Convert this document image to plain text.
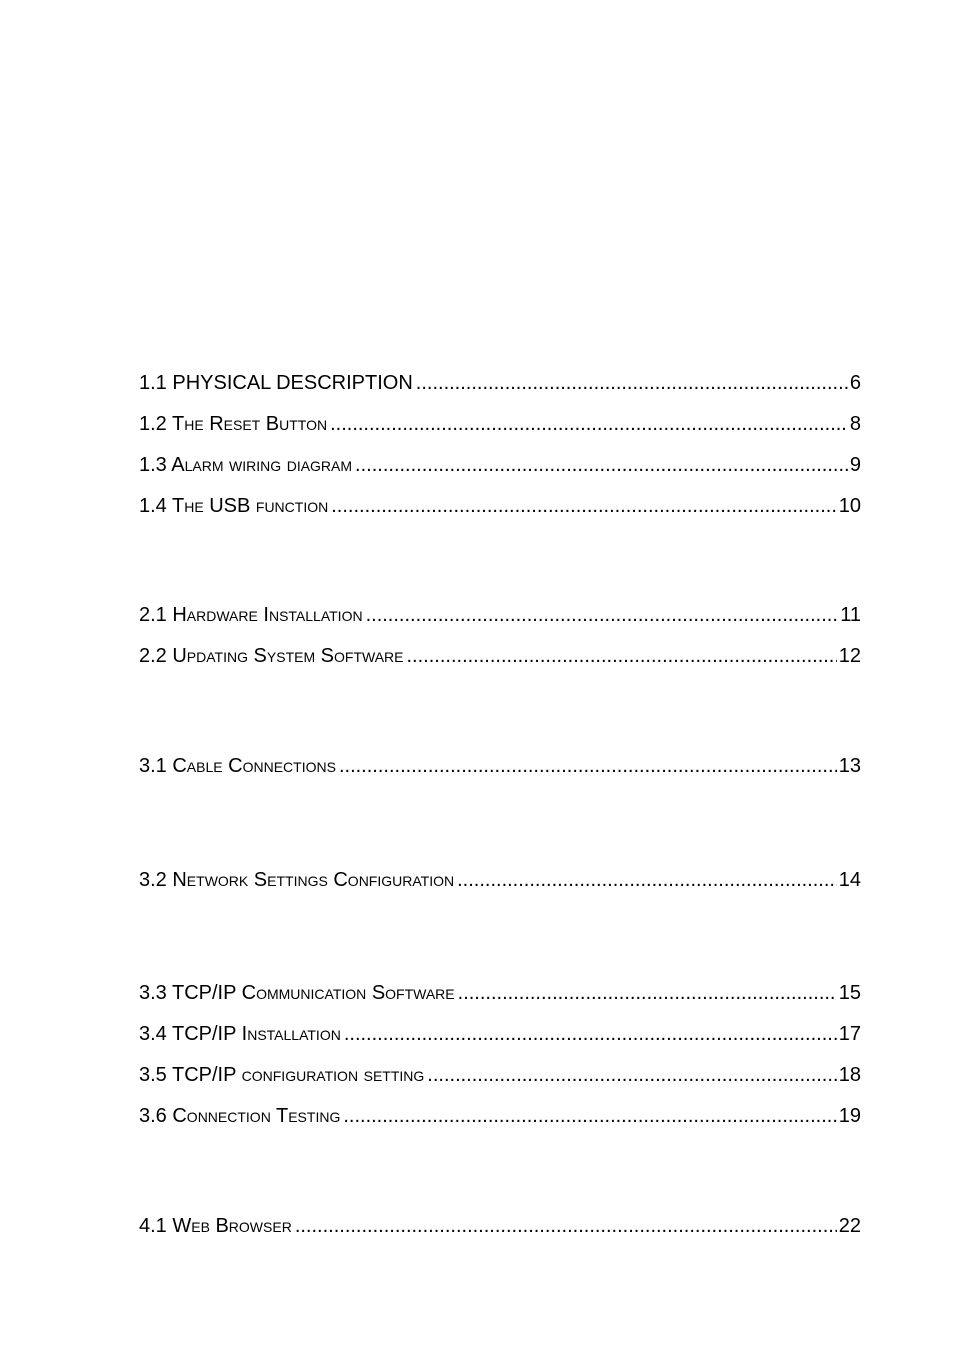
1.1 PHYSICAL DESCRIPTION .....	6
1.2 The Reset Button .....	8
1.3 Alarm wiring diagram .....	9
1.4 The USB function .....	10
2.1 Hardware Installation .....	11
2.2 Updating System Software .....	12
3.1 Cable Connections .....	13
3.2 Network Settings Configuration .....	14
3.3 TCP/IP Communication Software .....	15
3.4 TCP/IP Installation .....	17
3.5 TCP/IP configuration setting .....	18
3.6 Connection Testing .....	19
4.1 Web Browser .....	22
